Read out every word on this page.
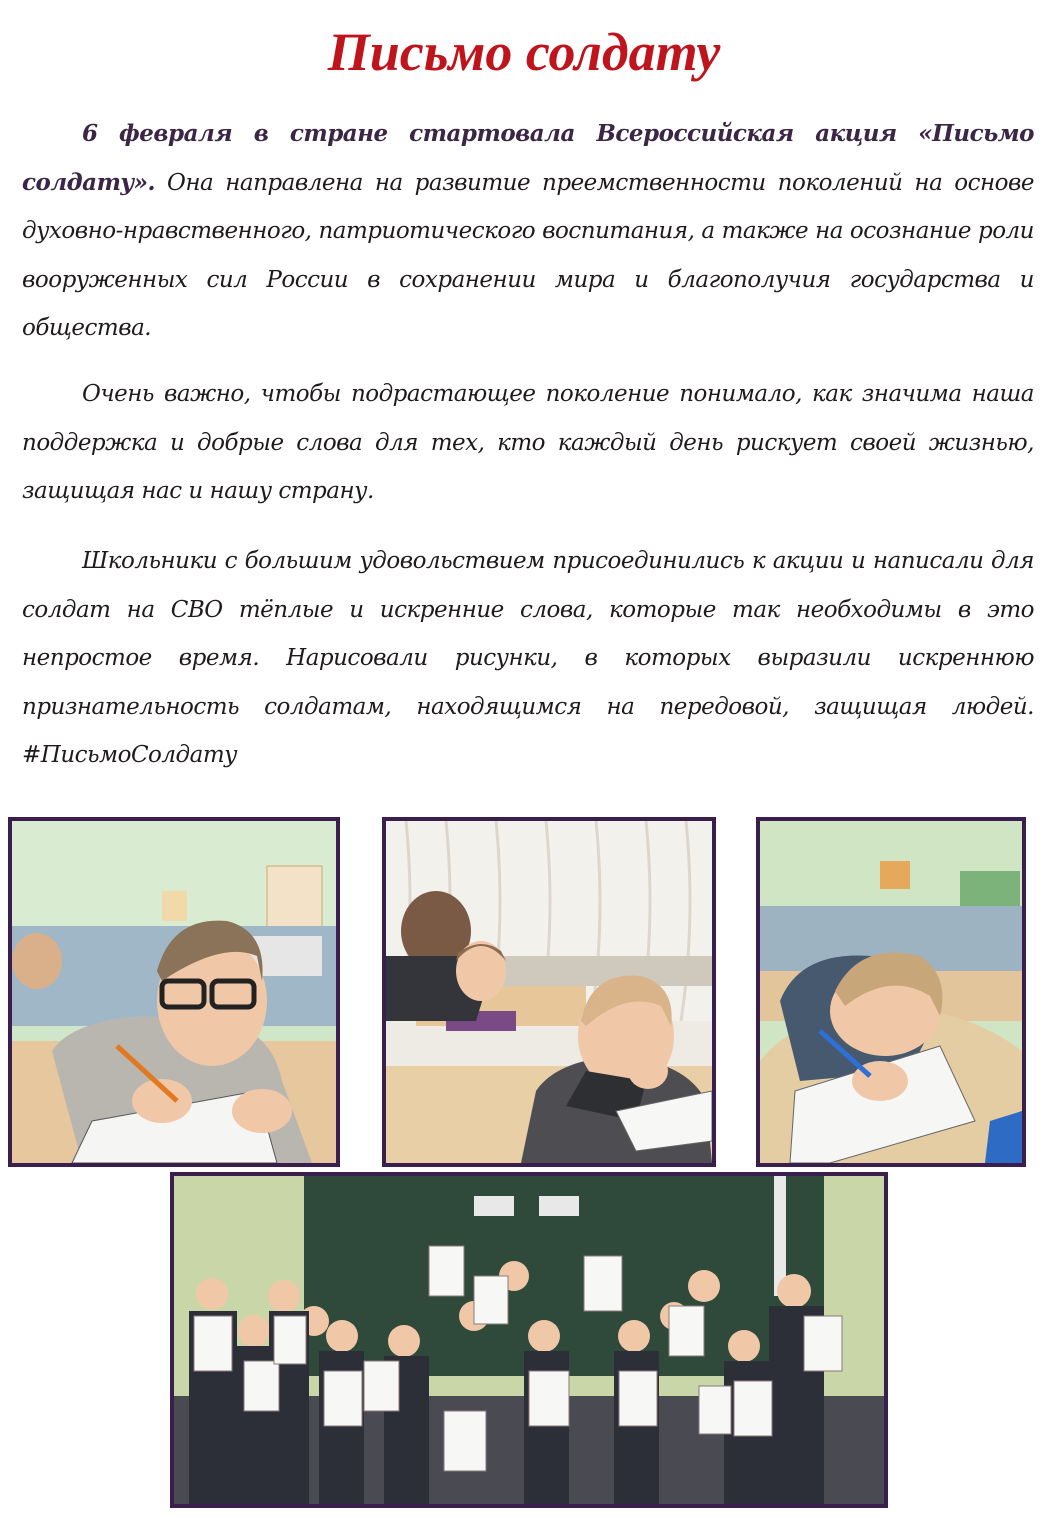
Письмо солдату

6 февраля в стране стартовала Всероссийская акция «Письмо солдату». Она направлена на развитие преемственности поколений на основе духовно-нравственного, патриотического воспитания, а также на осознание роли вооруженных сил России в сохранении мира и благополучия государства и общества.

Очень важно, чтобы подрастающее поколение понимало, как значима наша поддержка и добрые слова для тех, кто каждый день рискует своей жизнью, защищая нас и нашу страну.

Школьники с большим удовольствием присоединились к акции и написали для солдат на СВО тёплые и искренние слова, которые так необходимы в это непростое время. Нарисовали рисунки, в которых выразили искреннюю признательность солдатам, находящимся на передовой, защищая людей. #ПисьмоСолдату
